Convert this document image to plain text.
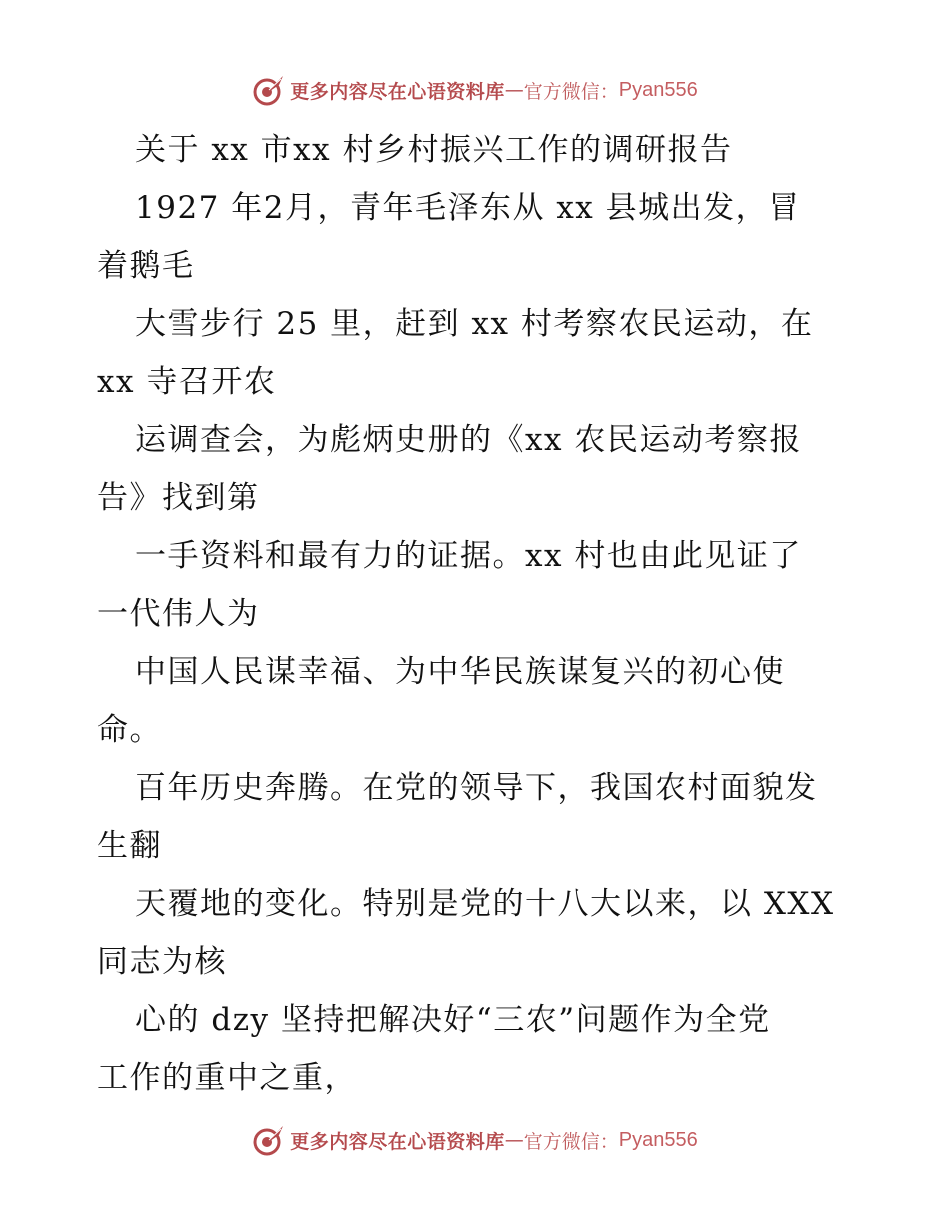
更多内容尽在心语资料库 — 官方微信： Pyan556
关于 xx 市xx 村乡村振兴工作的调研报告
1927 年2月，青年毛泽东从 xx 县城出发，冒
着鹅毛
大雪步行 25 里，赶到 xx 村考察农民运动，在
xx 寺召开农
运调查会，为彪炳史册的《xx 农民运动考察报
告》找到第
一手资料和最有力的证据。xx 村也由此见证了
一代伟人为
中国人民谋幸福、为中华民族谋复兴的初心使
命。
百年历史奔腾。在党的领导下，我国农村面貌发
生翻
天覆地的变化。特别是党的十八大以来，以 XXX
同志为核
心的 dzy 坚持把解决好“三农”问题作为全党
工作的重中之重，
更多内容尽在心语资料库 — 官方微信： Pyan556
